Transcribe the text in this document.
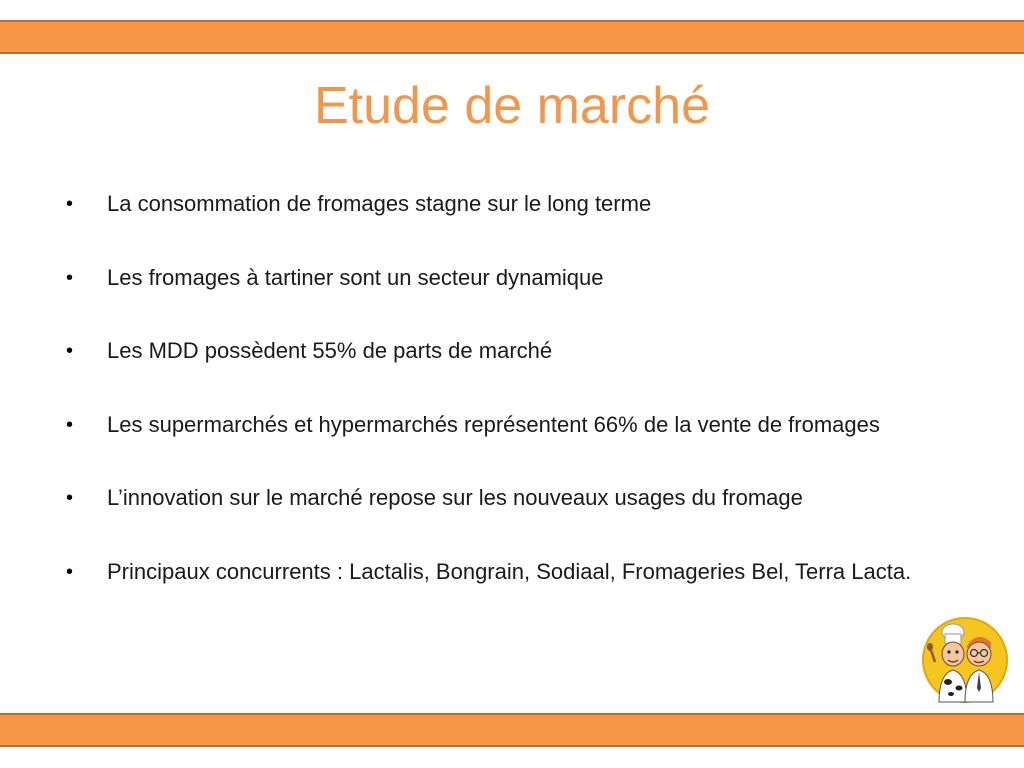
Etude de marché
• La consommation de fromages stagne sur le long terme
• Les fromages à tartiner sont un secteur dynamique
• Les MDD possèdent 55% de parts de marché
• Les supermarchés et hypermarchés représentent 66% de la vente de fromages
• L’innovation sur le marché repose sur les nouveaux usages du fromage
• Principaux concurrents : Lactalis, Bongrain, Sodiaal, Fromageries Bel, Terra Lacta.
